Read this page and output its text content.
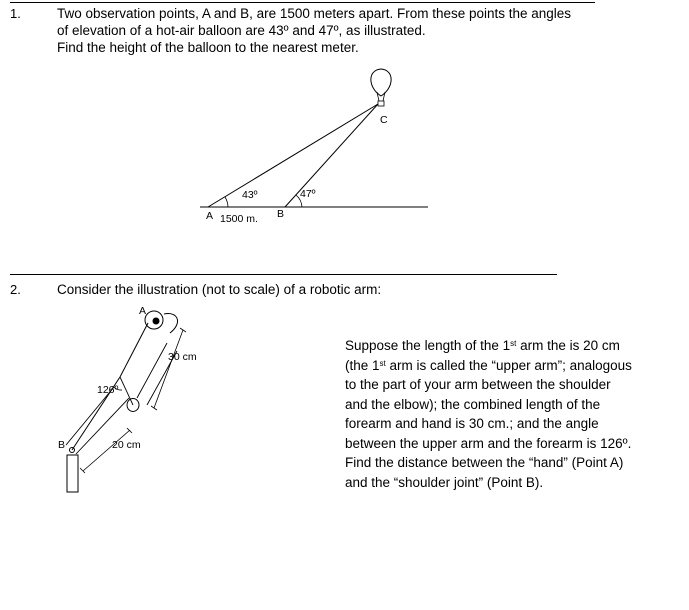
1.	Two observation points, A and B, are 1500 meters apart. From these points the angles
of elevation of a hot-air balloon are 43º and 47º, as illustrated.
Find the height of the balloon to the nearest meter.
C
43º	47º
A 1500 m. B
2.	Consider the illustration (not to scale) of a robotic arm:
A
B
30 cm
20 cm
126º
Suppose the length of the 1st arm the is 20 cm (the 1st arm is called the “upper arm”; analogous to the part of your arm between the shoulder and the elbow); the combined length of the forearm and hand is 30 cm.; and the angle between the upper arm and the forearm is 126º. Find the distance between the “hand” (Point A) and the “shoulder joint” (Point B).
